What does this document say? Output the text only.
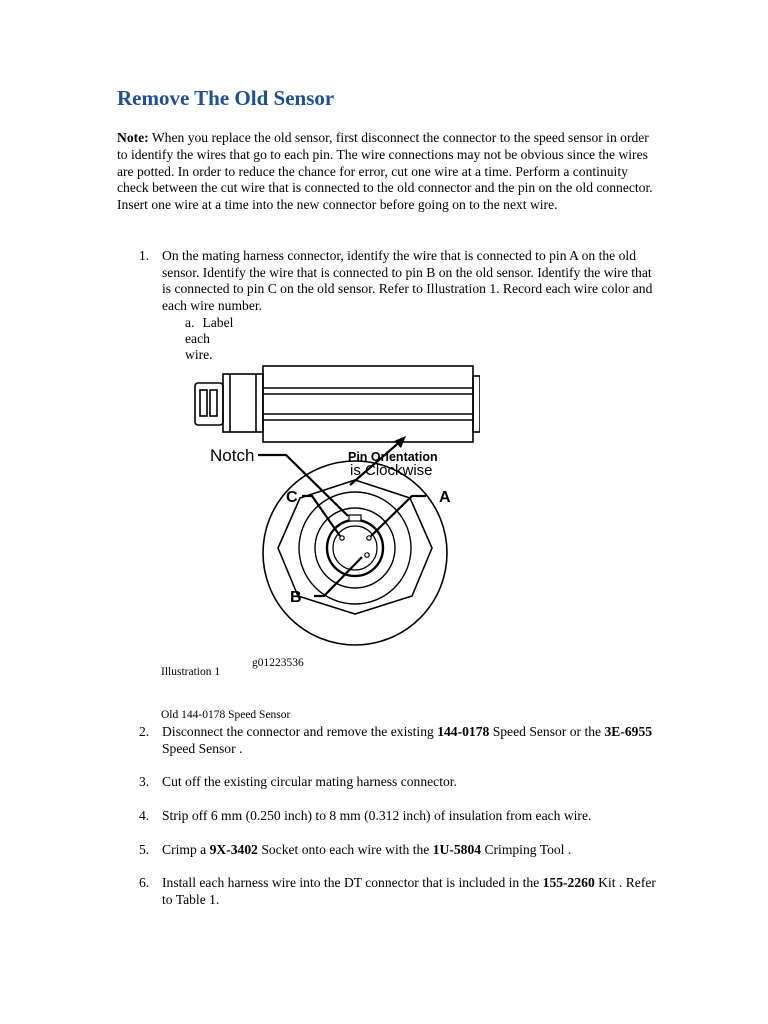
Remove The Old Sensor

Note: When you replace the old sensor, first disconnect the connector to the speed sensor in order to identify the wires that go to each pin. The wire connections may not be obvious since the wires are potted. In order to reduce the chance for error, cut one wire at a time. Perform a continuity check between the cut wire that is connected to the old connector and the pin on the old connector. Insert one wire at a time into the new connector before going on to the next wire.

1. On the mating harness connector, identify the wire that is connected to pin A on the old sensor. Identify the wire that is connected to pin B on the old sensor. Identify the wire that is connected to pin C on the old sensor. Refer to Illustration 1. Record each wire color and each wire number.
a. Label each wire.
2. Disconnect the connector and remove the existing 144-0178 Speed Sensor or the 3E-6955 Speed Sensor .
3. Cut off the existing circular mating harness connector.
4. Strip off 6 mm (0.250 inch) to 8 mm (0.312 inch) of insulation from each wire.
5. Crimp a 9X-3402 Socket onto each wire with the 1U-5804 Crimping Tool .
6. Install each harness wire into the DT connector that is included in the 155-2260 Kit . Refer to Table 1.
Notch	Pin Orientation
is Clockwise
C	A
B
g01223536
Illustration 1
Old 144-0178 Speed Sensor
